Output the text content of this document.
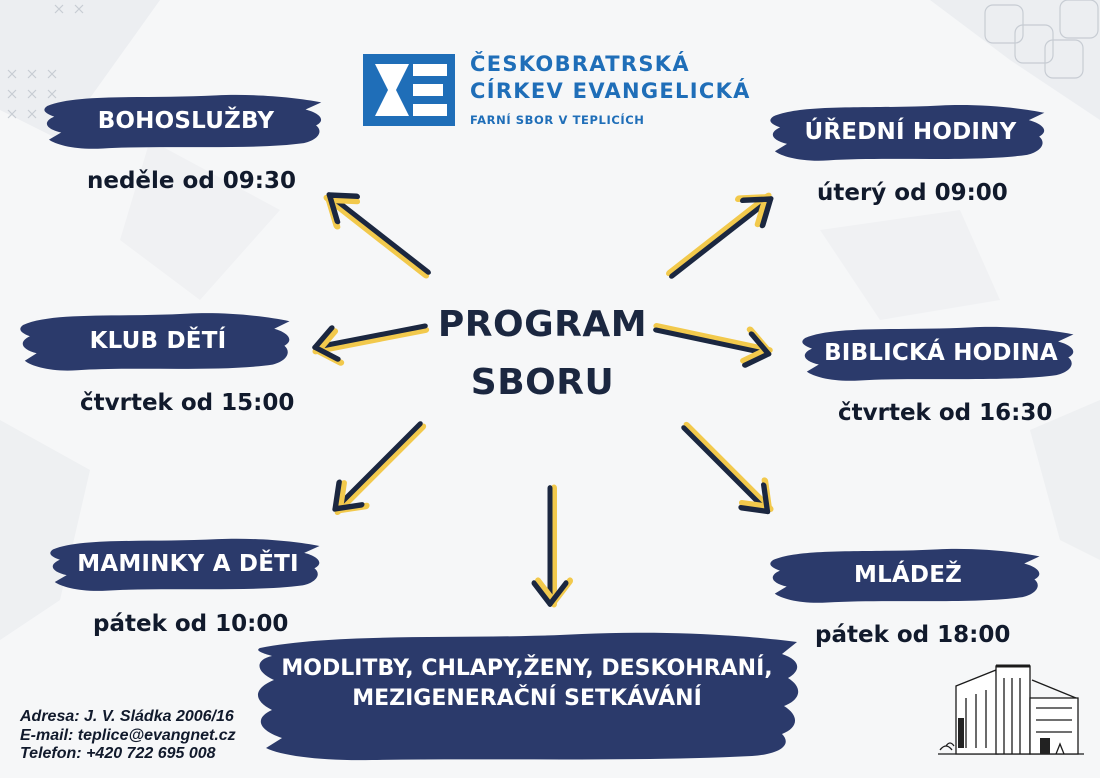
ČESKOBRATRSKÁ
CÍRKEV EVANGELICKÁ
FARNÍ SBOR V TEPLICÍCH
PROGRAM
SBORU
BOHOSLUŽBY
neděle od 09:30
ÚŘEDNÍ HODINY
úterý od 09:00
KLUB DĚTÍ
čtvrtek od 15:00
BIBLICKÁ HODINA
čtvrtek od 16:30
MAMINKY A DĚTI
pátek od 10:00
MLÁDEŽ
pátek od 18:00
MODLITBY, CHLAPY,ŽENY, DESKOHRANÍ,
MEZIGENERAČNÍ SETKÁVÁNÍ
Adresa: J. V. Sládka 2006/16
E-mail: teplice@evangnet.cz
Telefon: +420 722 695 008
